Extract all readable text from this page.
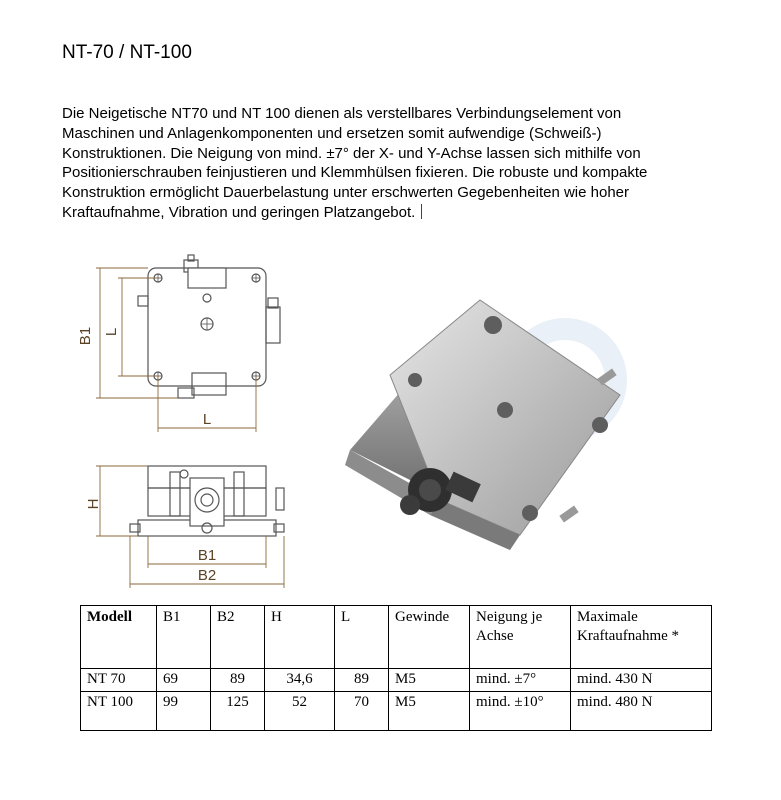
NT-70 / NT-100

Die Neigetische NT70 und NT 100 dienen als verstellbares Verbindungselement von
Maschinen und Anlagenkomponenten und ersetzen somit aufwendige (Schweiß-)
Konstruktionen. Die Neigung von mind. ±7° der X- und Y-Achse lassen sich mithilfe von
Positionierschrauben feinjustieren und Klemmhülsen fixieren. Die robuste und kompakte
Konstruktion ermöglicht Dauerbelastung unter erschwerten Gegebenheiten wie hoher
Kraftaufnahme, Vibration und geringen Platzangebot.

B1 L
L
H
B1
B2
Modell	B1	B2	H	L	Gewinde	Neigung je Achse	Maximale Kraftaufnahme *
NT 70	69	89	34,6	89	M5	mind. ±7°	mind. 430 N
NT 100	99	125	52	70	M5	mind. ±10°	mind. 480 N
